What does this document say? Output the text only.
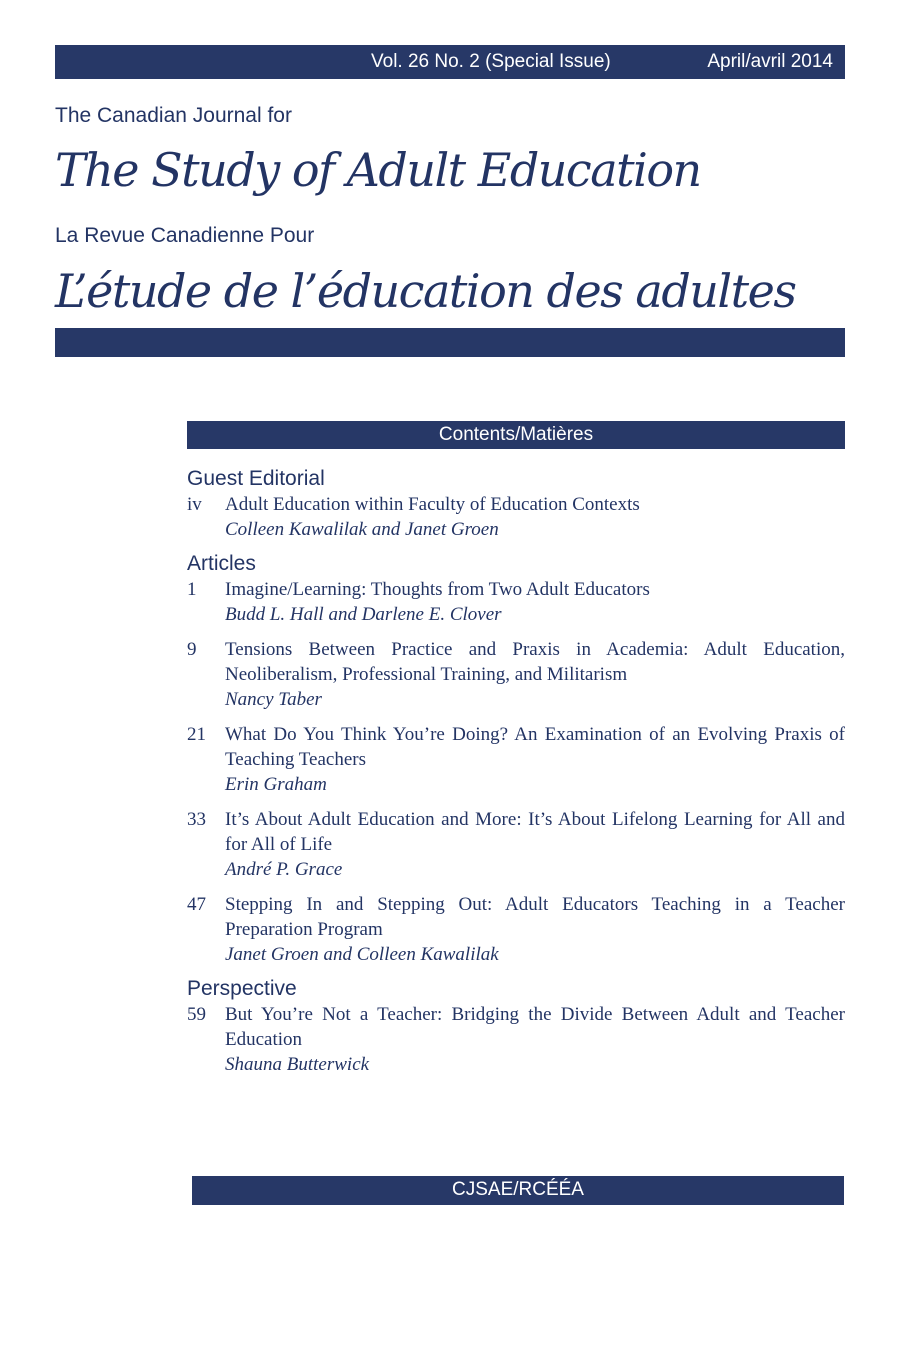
Vol. 26 No. 2 (Special Issue)	April/avril 2014
The Canadian Journal for
The Study of Adult Education
La Revue Canadienne Pour
L’étude de l’éducation des adultes
Contents/Matières
Guest Editorial
iv Adult Education within Faculty of Education Contexts
Colleen Kawalilak and Janet Groen
Articles
1 Imagine/Learning: Thoughts from Two Adult Educators
Budd L. Hall and Darlene E. Clover
9 Tensions Between Practice and Praxis in Academia: Adult Education, Neoliberalism, Professional Training, and Militarism
Nancy Taber
21 What Do You Think You’re Doing? An Examination of an Evolving Praxis of Teaching Teachers
Erin Graham
33 It’s About Adult Education and More: It’s About Lifelong Learning for All and for All of Life
André P. Grace
47 Stepping In and Stepping Out: Adult Educators Teaching in a Teacher Preparation Program
Janet Groen and Colleen Kawalilak
Perspective
59 But You’re Not a Teacher: Bridging the Divide Between Adult and Teacher Education
Shauna Butterwick
CJSAE/RCÉÉA
